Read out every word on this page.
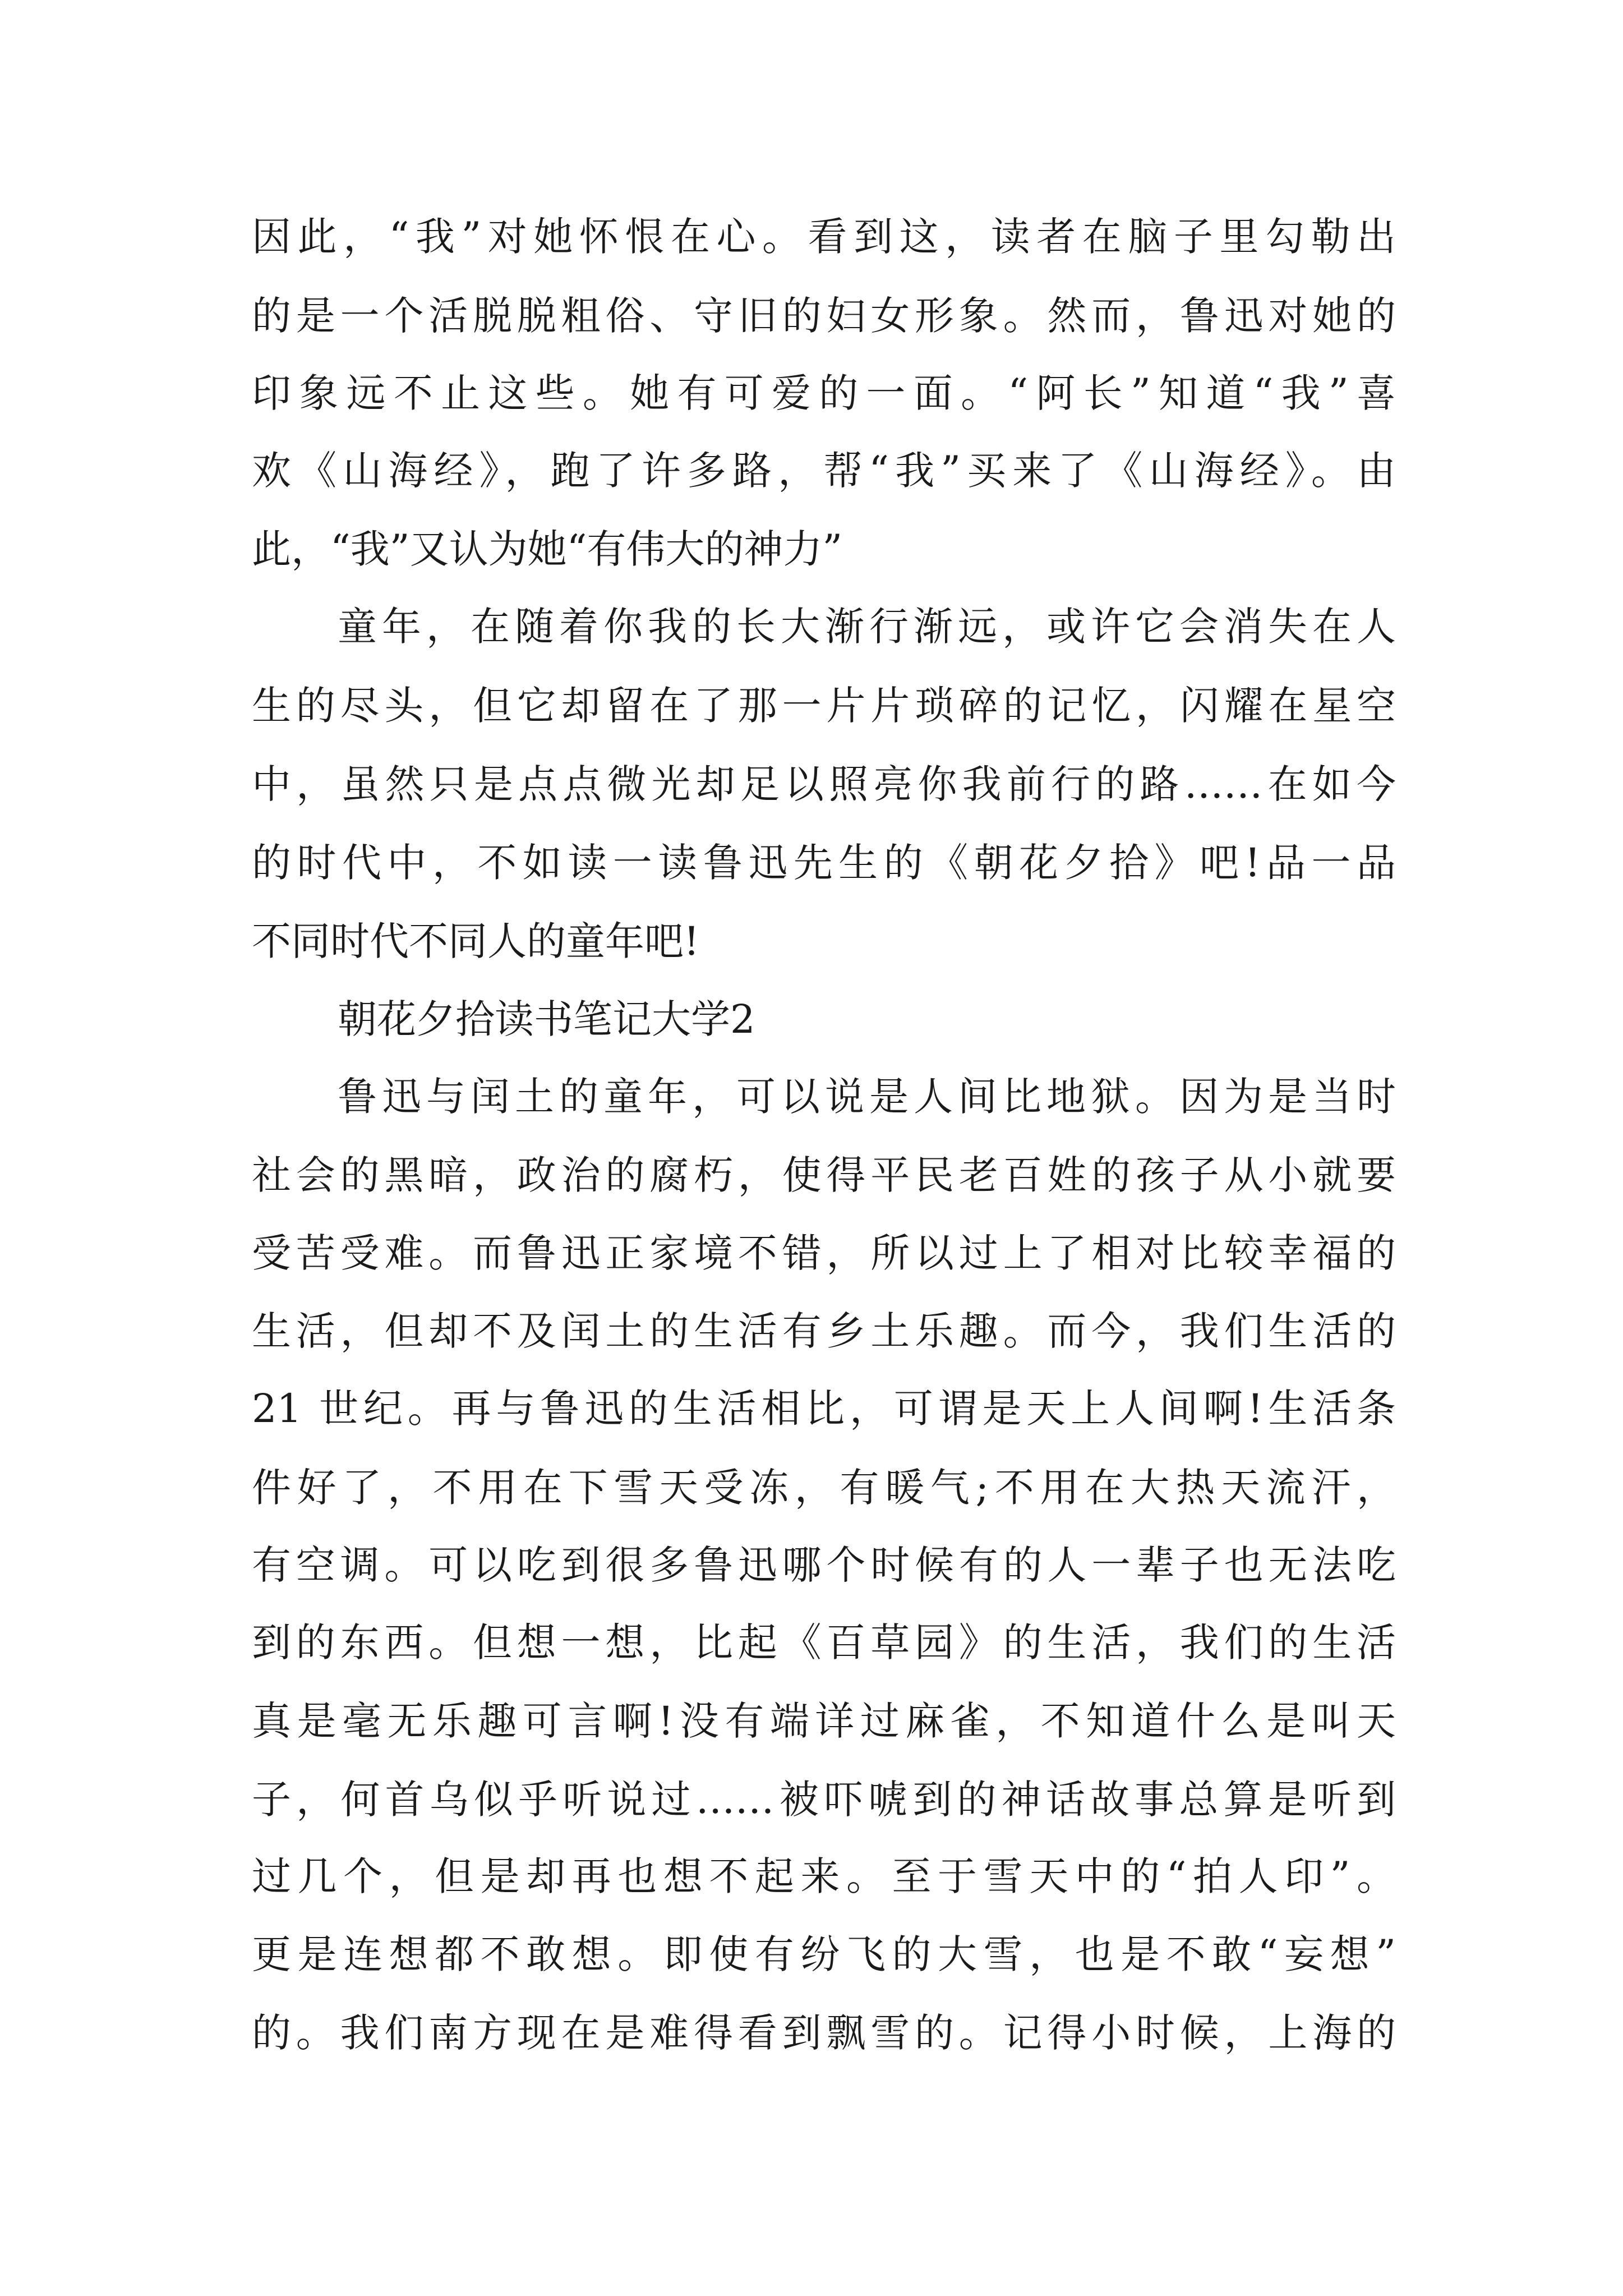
因此，“我”对她怀恨在心。看到这，读者在脑子里勾勒出
的是一个活脱脱粗俗、守旧的妇女形象。然而，鲁迅对她的
印象远不止这些。她有可爱的一面。“阿长”知道“我”喜
欢《山海经》，跑了许多路，帮“我”买来了《山海经》。由
此，“我”又认为她“有伟大的神力”
童年，在随着你我的长大渐行渐远，或许它会消失在人
生的尽头，但它却留在了那一片片琐碎的记忆，闪耀在星空
中，虽然只是点点微光却足以照亮你我前行的路……在如今
的时代中，不如读一读鲁迅先生的《朝花夕拾》吧!品一品
不同时代不同人的童年吧!
朝花夕拾读书笔记大学2
鲁迅与闰土的童年，可以说是人间比地狱。因为是当时
社会的黑暗，政治的腐朽，使得平民老百姓的孩子从小就要
受苦受难。而鲁迅正家境不错，所以过上了相对比较幸福的
生活，但却不及闰土的生活有乡土乐趣。而今，我们生活的
21 世纪。再与鲁迅的生活相比，可谓是天上人间啊!生活条
件好了，不用在下雪天受冻，有暖气;不用在大热天流汗，
有空调。可以吃到很多鲁迅哪个时候有的人一辈子也无法吃
到的东西。但想一想，比起《百草园》的生活，我们的生活
真是毫无乐趣可言啊!没有端详过麻雀，不知道什么是叫天
子，何首乌似乎听说过……被吓唬到的神话故事总算是听到
过几个，但是却再也想不起来。至于雪天中的“拍人印”。
更是连想都不敢想。即使有纷飞的大雪，也是不敢“妄想”
的。我们南方现在是难得看到飘雪的。记得小时候，上海的
